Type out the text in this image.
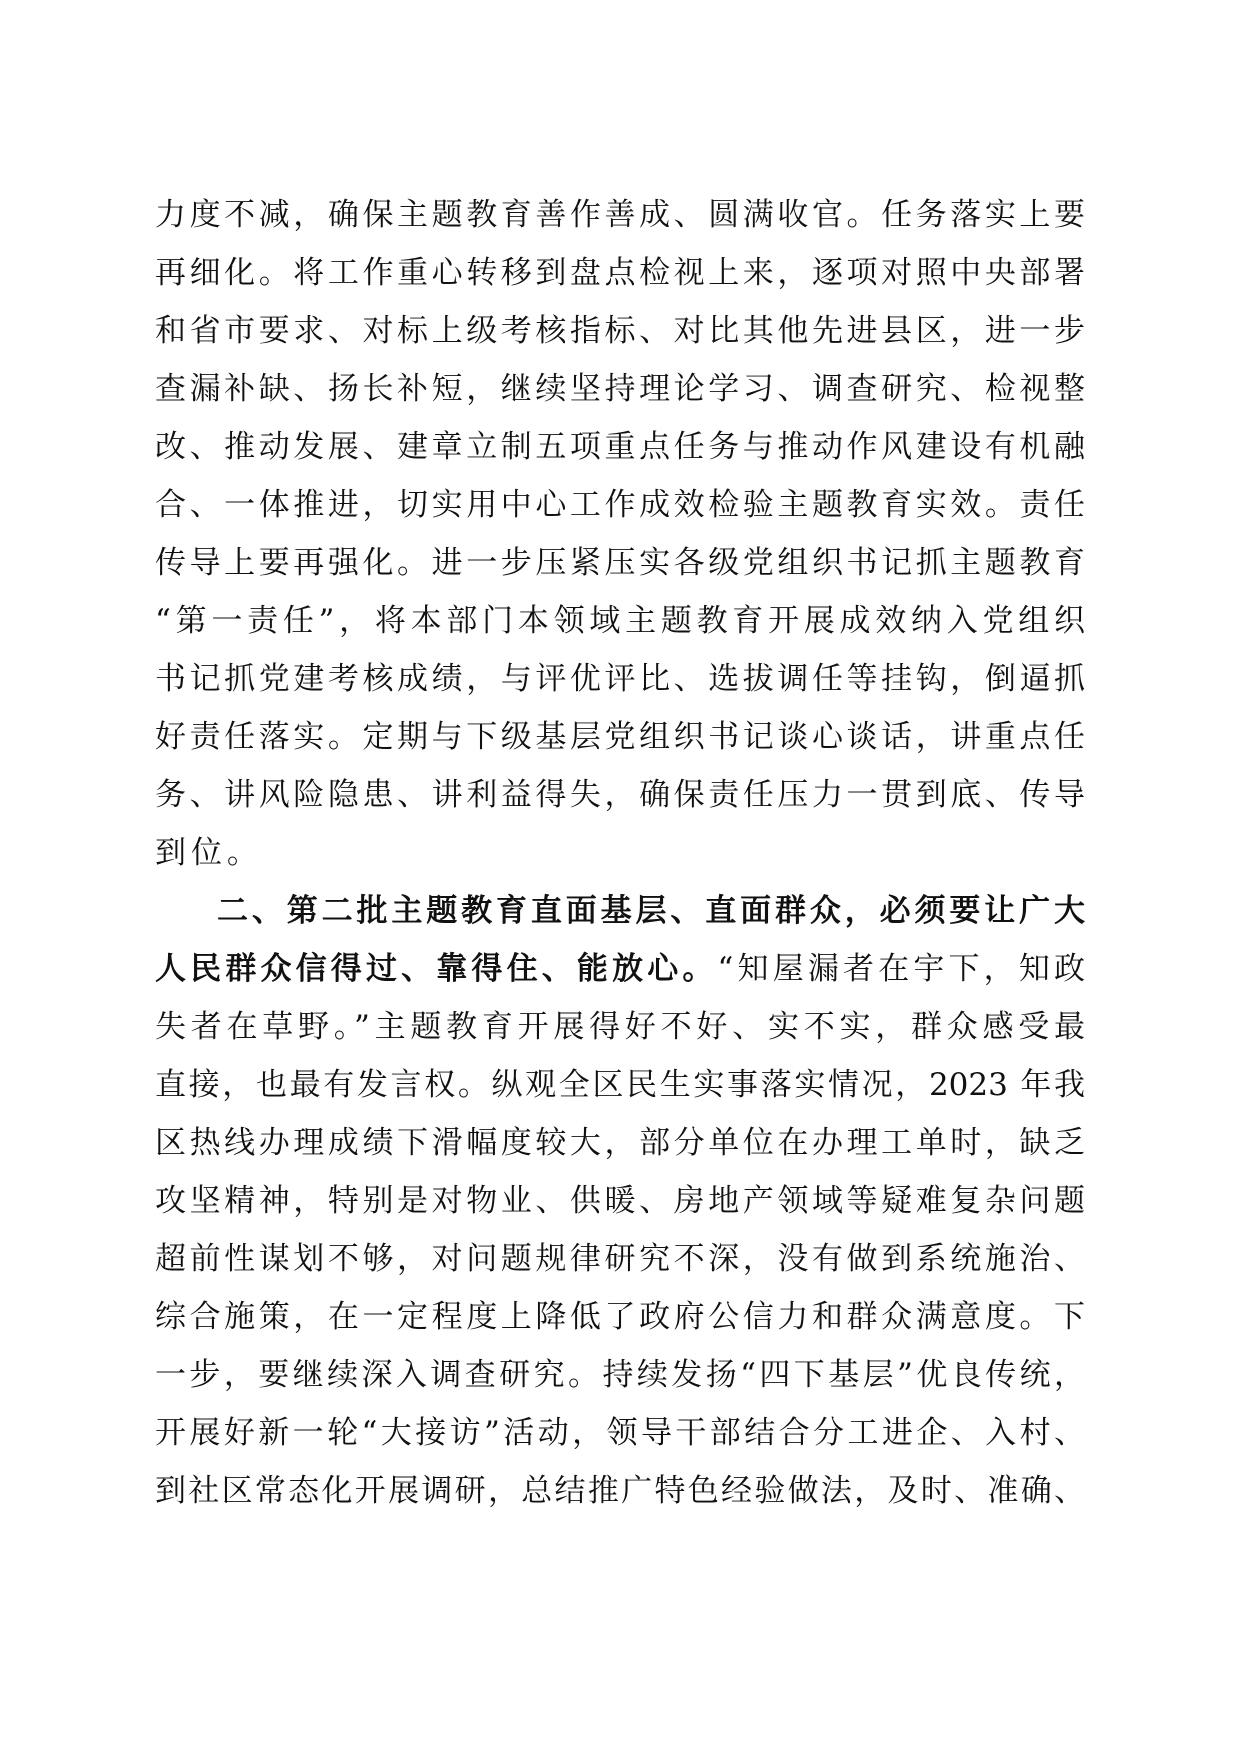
力度不减，确保主题教育善作善成、圆满收官。任务落实上要
再细化。将工作重心转移到盘点检视上来，逐项对照中央部署
和省市要求、对标上级考核指标、对比其他先进县区，进一步
查漏补缺、扬长补短，继续坚持理论学习、调查研究、检视整
改、推动发展、建章立制五项重点任务与推动作风建设有机融
合、一体推进，切实用中心工作成效检验主题教育实效。责任
传导上要再强化。进一步压紧压实各级党组织书记抓主题教育
“第一责任”，将本部门本领域主题教育开展成效纳入党组织
书记抓党建考核成绩，与评优评比、选拔调任等挂钩，倒逼抓
好责任落实。定期与下级基层党组织书记谈心谈话，讲重点任
务、讲风险隐患、讲利益得失，确保责任压力一贯到底、传导
到位。
二、第二批主题教育直面基层、直面群众，必须要让广大
人民群众信得过、靠得住、能放心。“知屋漏者在宇下，知政
失者在草野。”主题教育开展得好不好、实不实，群众感受最
直接，也最有发言权。纵观全区民生实事落实情况，2023 年我
区热线办理成绩下滑幅度较大，部分单位在办理工单时，缺乏
攻坚精神，特别是对物业、供暖、房地产领域等疑难复杂问题
超前性谋划不够，对问题规律研究不深，没有做到系统施治、
综合施策，在一定程度上降低了政府公信力和群众满意度。下
一步，要继续深入调查研究。持续发扬“四下基层”优良传统，
开展好新一轮“大接访”活动，领导干部结合分工进企、入村、
到社区常态化开展调研，总结推广特色经验做法，及时、准确、
